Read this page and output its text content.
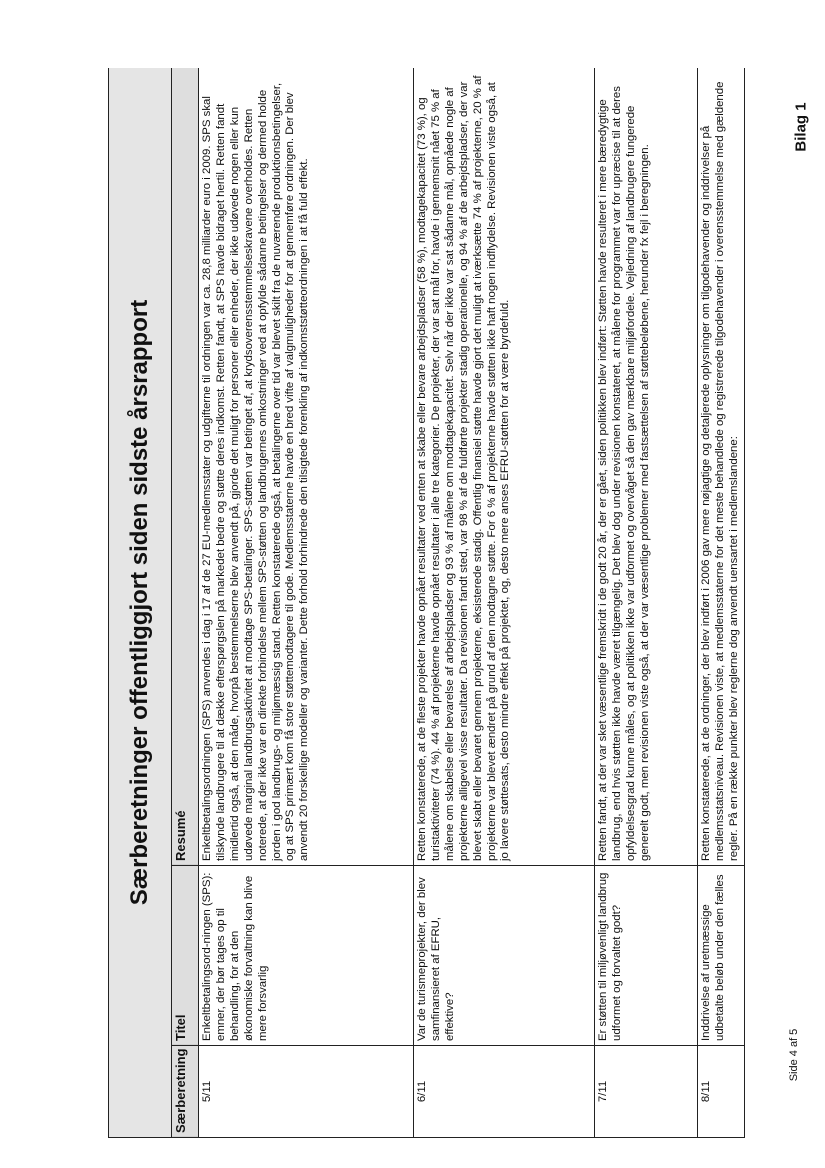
Bilag 1
Side 4 af 5
Særberetninger offentliggjort siden sidste årsrapport		
Særberetning	Titel	Resumé
5/11	Enkeltbetalingsord-ningen (SPS): emner, der bør tages op til behandling, for at den økonomiske forvaltning kan blive mere forsvarlig	Enkeltbetalingsordningen (SPS) anvendes i dag i 17 af de 27 EU-medlemsstater og udgifterne til ordningen var ca. 28,8 milliarder euro i 2009. SPS skal tilskynde landbrugere til at dække efterspørgslen på markedet bedre og støtte deres indkomst. Retten fandt, at SPS havde bidraget hertil. Retten fandt imidlertid også, at den måde, hvorpå bestemmelserne blev anvendt på, gjorde det muligt for personer eller enheder, der ikke udøvede nogen eller kun udøvede marginal landbrugsaktivitet at modtage SPS-betalinger. SPS-støtten var betinget af, at krydsoverensstemmelseskravene overholdes. Retten noterede, at der ikke var en direkte forbindelse mellem SPS-støtten og landbrugernes omkostninger ved at opfylde sådanne betingelser og dermed holde jorden i god landbrugs- og miljømæssig stand. Retten konstaterede også, at betalingerne over tid var blevet skilt fra de nuværende produktionsbetingelser, og at SPS primært kom få store støttemodtagere til gode. Medlemsstaterne havde en bred vifte af valgmuligheder for at gennemføre ordningen. Der blev anvendt 20 forskellige modeller og varianter. Dette forhold forhindrede den tilsigtede forenkling af indkomststøtteordningen i at få fuld effekt.
6/11	Var de turismeprojekter, der blev samfinansieret af EFRU, effektive?	Retten konstaterede, at de fleste projekter havde opnået resultater ved enten at skabe eller bevare arbejdspladser (58 %), modtagekapacitet (73 %), og turistaktiviteter (74 %). 44 % af projekterne havde opnået resultater i alle tre kategorier. De projekter, der var sat mål for, havde i gennemsnit nået 75 % af målene om skabelse eller bevarelse af arbejdspladser og 93 % af målene om modtagekapacitet. Selv når der ikke var sat sådanne mål, opnåede nogle af projekterne alligevel visse resultater. Da revisionen fandt sted, var 98 % af de fuldførte projekter stadig operationelle, og 94 % af de arbejdspladser, der var blevet skabt eller bevaret gennem projekterne, eksisterede stadig. Offentlig finansiel støtte havde gjort det muligt at iværksætte 74 % af projekterne, 20 % af projekterne var blevet ændret på grund af den modtagne støtte. For 6 % af projekterne havde støtten ikke haft nogen indflydelse. Revisionen viste også, at jo lavere støttesats, desto mindre effekt på projektet, og, desto mere anses EFRU-støtten for at være byrdefuld.
7/11	Er støtten til miljøvenligt landbrug udformet og forvaltet godt?	Retten fandt, at der var sket væsentlige fremskridt i de godt 20 år, der er gået, siden politikken blev indført: Støtten havde resulteret i mere bæredygtige landbrug, end hvis støtten ikke havde været tilgængelig. Det blev dog under revisionen konstateret, at målene for programmet var for upræcise til at deres opfyldelsesgrad kunne måles, og at politikken ikke var udformet og overvåget så den gav mærkbare miljøfordele. Vejledning af landbrugere fungerede generelt godt, men revisionen viste også, at der var væsentlige problemer med fastsættelsen af støttebeløbene, herunder fx fejl i beregningen.
8/11	Inddrivelse af uretmæssige udbetalte beløb under den fælles	Retten konstaterede, at de ordninger, der blev indført i 2006 gav mere nøjagtige og detaljerede oplysninger om tilgodehavender og inddrivelser på medlemsstatsniveau. Revisionen viste, at medlemsstaterne for det meste behandlede og registrerede tilgodehavender i overensstemmelse med gældende regler. På en række punkter blev reglerne dog anvendt uensartet i medlemslandene:
